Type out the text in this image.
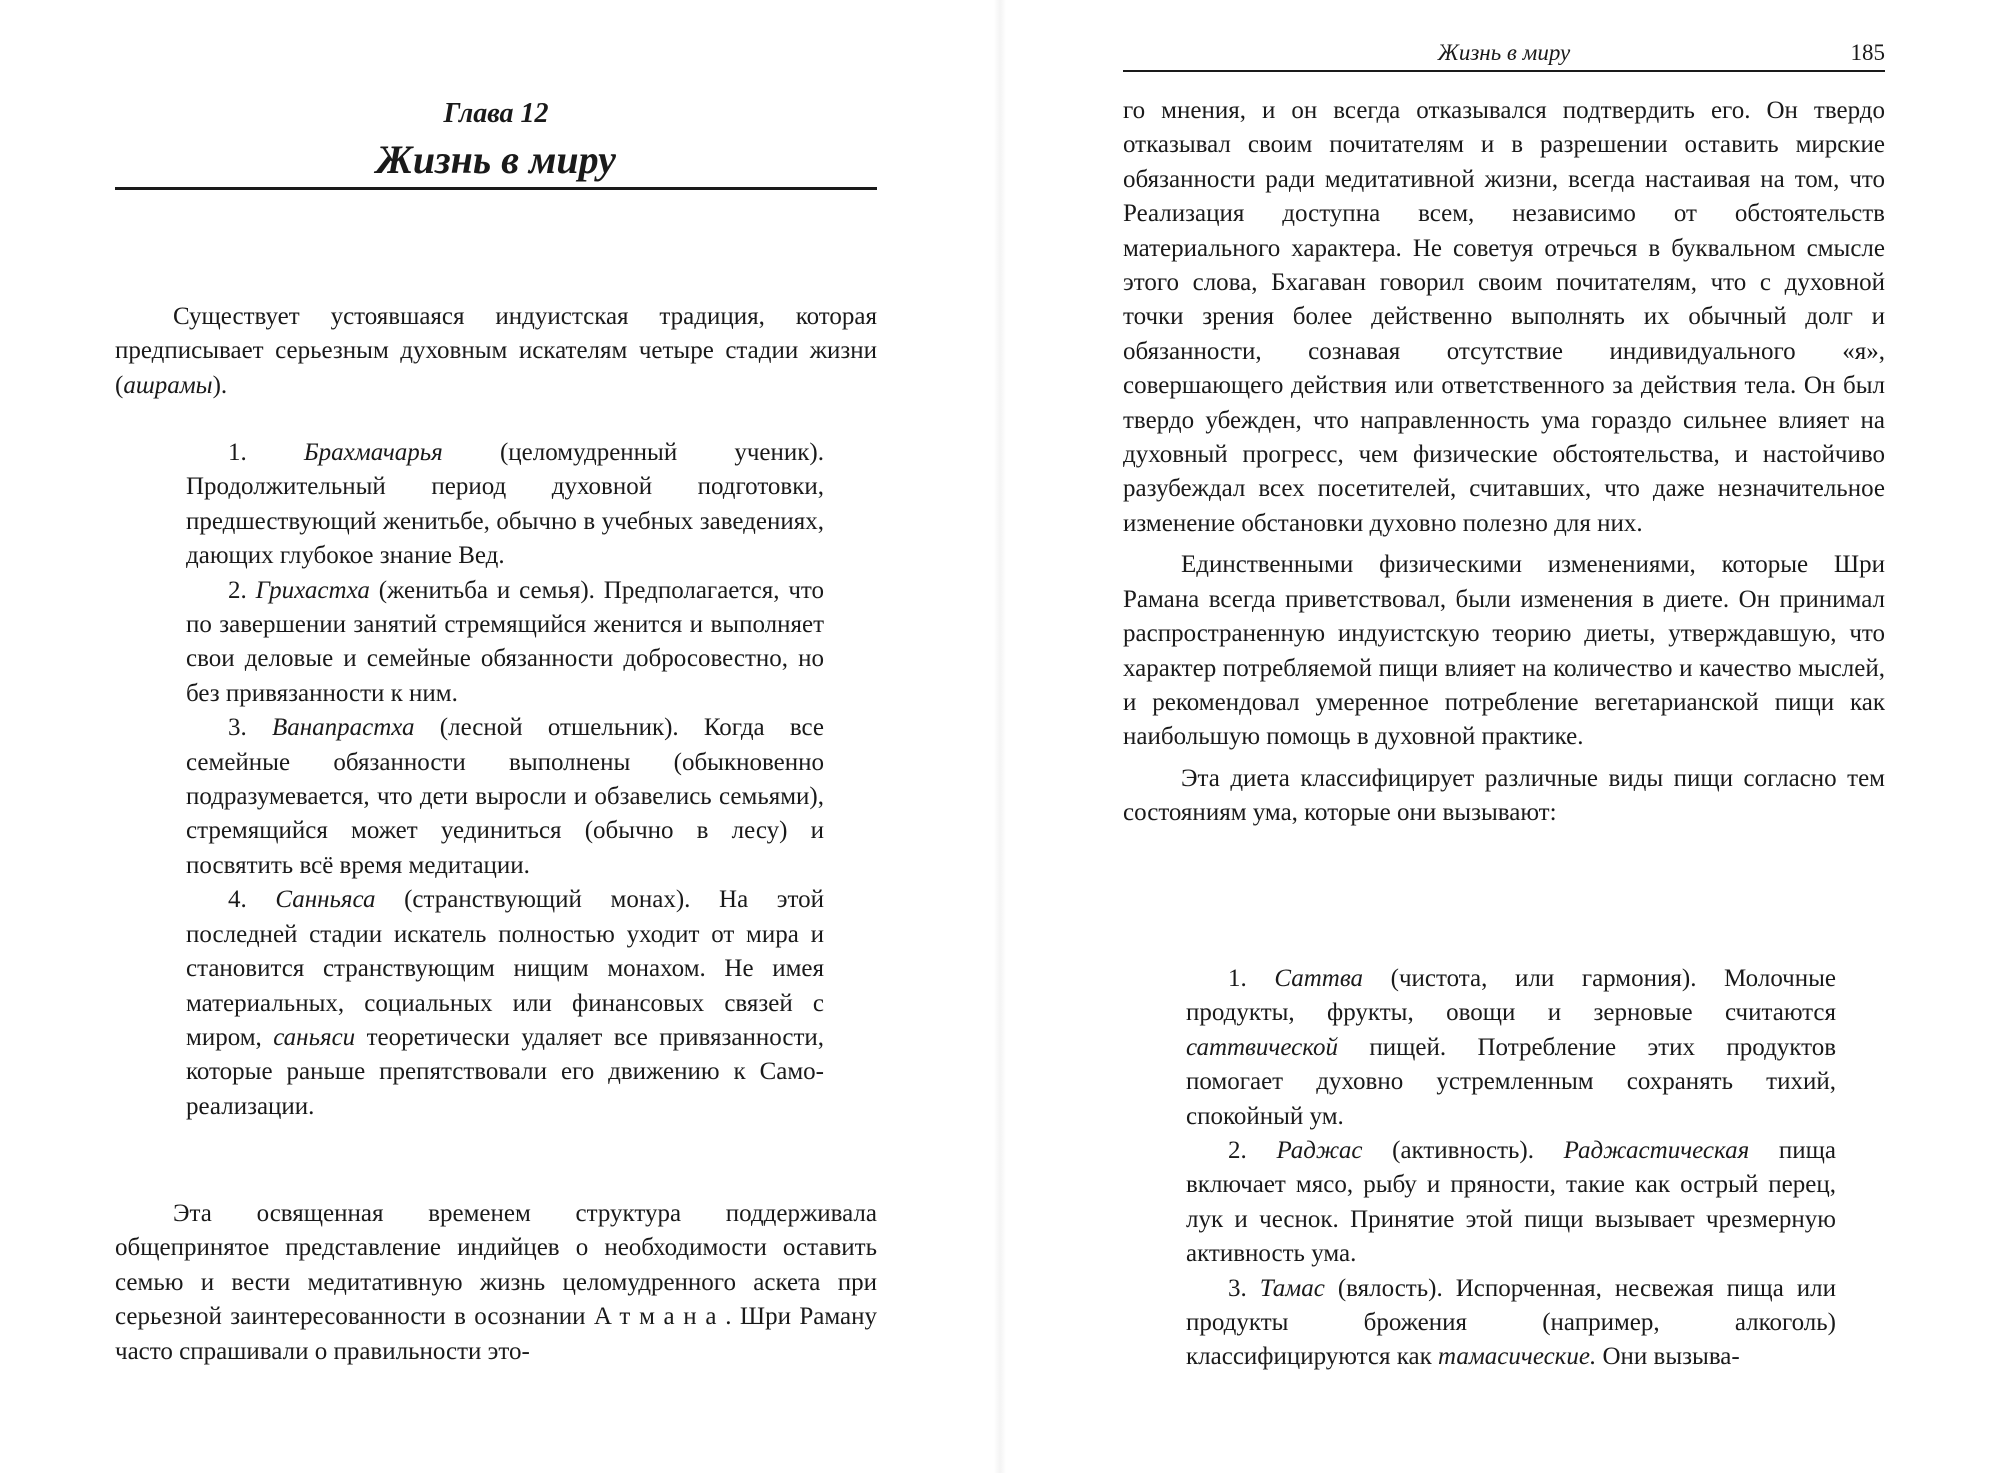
Глава 12
Жизнь в миру

Существует устоявшаяся индуистская традиция, которая предписывает серьезным духовным искателям четыре стадии жизни (ашрамы).

1. Брахмачарья (целомудренный ученик). Продолжительный период духовной подготовки, предшествующий женитьбе, обычно в учебных заведениях, дающих глубокое знание Вед.

2. Грихастха (женитьба и семья). Предполагается, что по завершении занятий стремящийся женится и выполняет свои деловые и семейные обязанности добросовестно, но без привязанности к ним.

3. Ванапрастха (лесной отшельник). Когда все семейные обязанности выполнены (обыкновенно подразумевается, что дети выросли и обзавелись семьями), стремящийся может уединиться (обычно в лесу) и посвятить всё время медитации.

4. Санньяса (странствующий монах). На этой последней стадии искатель полностью уходит от мира и становится странствующим нищим монахом. Не имея материальных, социальных или финансовых связей с миром, саньяси теоретически удаляет все привязанности, которые раньше препятствовали его движению к Само-реализации.

Эта освященная временем структура поддерживала общепринятое представление индийцев о необходимости оставить семью и вести медитативную жизнь целомудренного аскета при серьезной заинтересованности в осознании Атмана. Шри Раману часто спрашивали о правильности это-

Жизнь в миру	185

го мнения, и он всегда отказывался подтвердить его. Он твердо отказывал своим почитателям и в разрешении оставить мирские обязанности ради медитативной жизни, всегда настаивая на том, что Реализация доступна всем, независимо от обстоятельств материального характера. Не советуя отречься в буквальном смысле этого слова, Бхагаван говорил своим почитателям, что с духовной точки зрения более действенно выполнять их обычный долг и обязанности, сознавая отсутствие индивидуального «я», совершающего действия или ответственного за действия тела. Он был твердо убежден, что направленность ума гораздо сильнее влияет на духовный прогресс, чем физические обстоятельства, и настойчиво разубеждал всех посетителей, считавших, что даже незначительное изменение обстановки духовно полезно для них.

Единственными физическими изменениями, которые Шри Рамана всегда приветствовал, были изменения в диете. Он принимал распространенную индуистскую теорию диеты, утверждавшую, что характер потребляемой пищи влияет на количество и качество мыслей, и рекомендовал умеренное потребление вегетарианской пищи как наибольшую помощь в духовной практике.

Эта диета классифицирует различные виды пищи согласно тем состояниям ума, которые они вызывают:

1. Саттва (чистота, или гармония). Молочные продукты, фрукты, овощи и зерновые считаются саттвической пищей. Потребление этих продуктов помогает духовно устремленным сохранять тихий, спокойный ум.

2. Раджас (активность). Раджастическая пища включает мясо, рыбу и пряности, такие как острый перец, лук и чеснок. Принятие этой пищи вызывает чрезмерную активность ума.

3. Тамас (вялость). Испорченная, несвежая пища или продукты брожения (например, алкоголь) классифицируются как тамасические. Они вызыва-
